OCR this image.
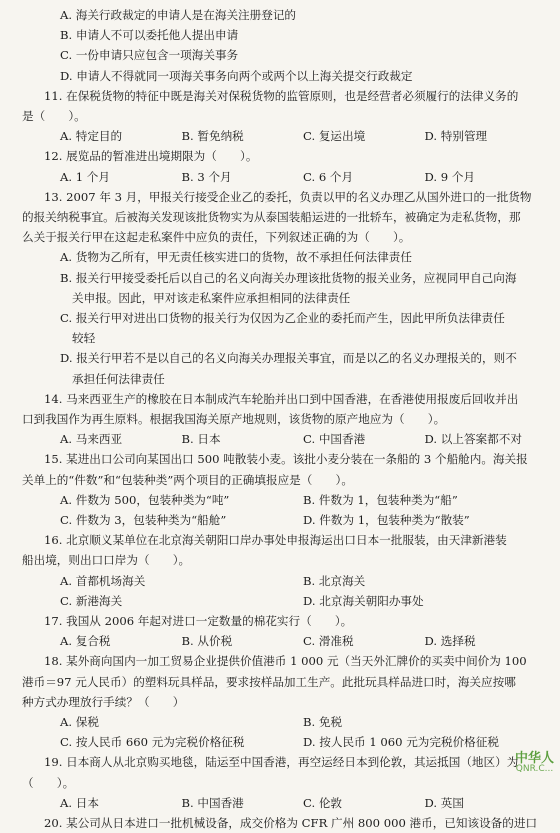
A. 海关行政裁定的申请人是在海关注册登记的
B. 申请人不可以委托他人提出申请
C. 一份申请只应包含一项海关事务
D. 申请人不得就同一项海关事务向两个或两个以上海关提交行政裁定
11. 在保税货物的特征中既是海关对保税货物的监管原则，也是经营者必须履行的法律义务的
是（　　）。
A. 特定目的	B. 暂免纳税	C. 复运出境	D. 特别管理
12. 展览品的暂准进出境期限为（　　）。
A. 1 个月	B. 3 个月	C. 6 个月	D. 9 个月
13. 2007 年 3 月，甲报关行接受企业乙的委托，负责以甲的名义办理乙从国外进口的一批货物
的报关纳税事宜。后被海关发现该批货物实为从泰国装船运进的一批轿车，被确定为走私货物，那
么关于报关行甲在这起走私案件中应负的责任，下列叙述正确的为（　　）。
A. 货物为乙所有，甲无责任核实进口的货物，故不承担任何法律责任
B. 报关行甲接受委托后以自己的名义向海关办理该批货物的报关业务，应视同甲自己向海
关申报。因此，甲对该走私案件应承担相同的法律责任
C. 报关行甲对进出口货物的报关行为仅因为乙企业的委托而产生，因此甲所负法律责任
较轻
D. 报关行甲若不是以自己的名义向海关办理报关事宜，而是以乙的名义办理报关的，则不
承担任何法律责任
14. 马来西亚生产的橡胶在日本制成汽车轮胎并出口到中国香港，在香港使用报废后回收并出
口到我国作为再生原料。根据我国海关原产地规则，该货物的原产地应为（　　）。
A. 马来西亚	B. 日本	C. 中国香港	D. 以上答案都不对
15. 某进出口公司向某国出口 500 吨散装小麦。该批小麦分装在一条船的 3 个船舱内。海关报
关单上的“件数”和“包装种类”两个项目的正确填报应是（　　）。
A. 件数为 500，包装种类为“吨”	B. 件数为 1，包装种类为“船”
C. 件数为 3，包装种类为“船舱”	D. 件数为 1，包装种类为“散装”
16. 北京顺义某单位在北京海关朝阳口岸办事处申报海运出口日本一批服装，由天津新港装
船出境，则出口口岸为（　　）。
A. 首都机场海关	B. 北京海关
C. 新港海关	D. 北京海关朝阳办事处
17. 我国从 2006 年起对进口一定数量的棉花实行（　　）。
A. 复合税	B. 从价税	C. 滑准税	D. 选择税
18. 某外商向国内一加工贸易企业提供价值港币 1 000 元（当天外汇牌价的买卖中间价为 100
港币＝97 元人民币）的塑料玩具样品，要求按样品加工生产。此批玩具样品进口时，海关应按哪
种方式办理放行手续？（　　）
A. 保税	B. 免税
C. 按人民币 660 元为完税价格征税	D. 按人民币 1 060 元为完税价格征税
19. 日本商人从北京购买地毯，陆运至中国香港，再空运经日本到伦敦，其运抵国（地区）为
（　　）。
A. 日本	B. 中国香港	C. 伦敦	D. 英国
20. 某公司从日本进口一批机械设备，成交价格为 CFR 广州 800 000 港币，已知该设备的进口
中华人
QNR.C...
